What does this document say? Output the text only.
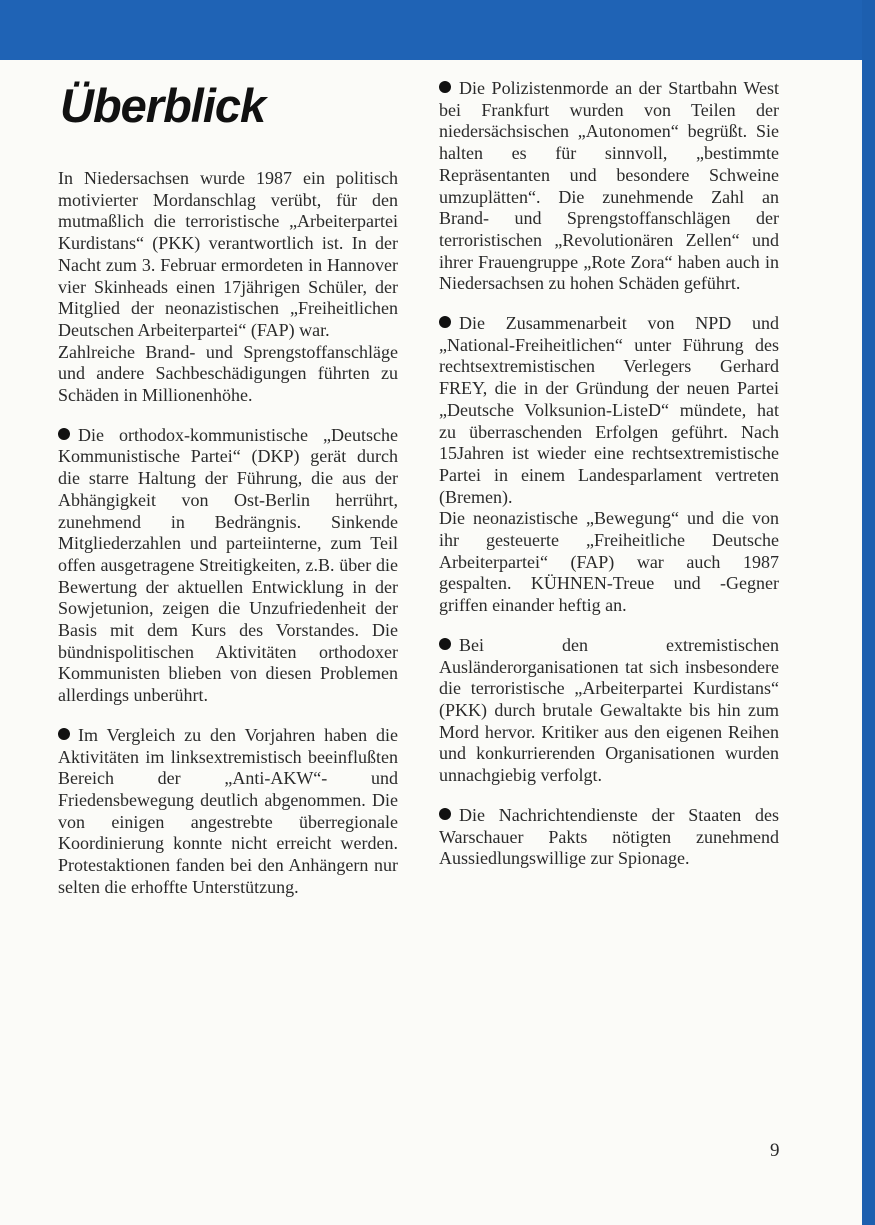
Überblick

In Niedersachsen wurde 1987 ein politisch motivierter Mordanschlag verübt, für den mutmaßlich die terroristische „Arbeiterpartei Kurdistans“ (PKK) verantwortlich ist. In der Nacht zum 3. Februar ermordeten in Hannover vier Skinheads einen 17jährigen Schüler, der Mitglied der neonazistischen „Freiheitlichen Deutschen Arbeiterpartei“ (FAP) war.

Zahlreiche Brand- und Sprengstoffanschläge und andere Sachbeschädigungen führten zu Schäden in Millionenhöhe.

Die orthodox-kommunistische „Deutsche Kommunistische Partei“ (DKP) gerät durch die starre Haltung der Führung, die aus der Abhängigkeit von Ost-Berlin herrührt, zunehmend in Bedrängnis. Sinkende Mitgliederzahlen und parteiinterne, zum Teil offen ausgetragene Streitigkeiten, z.B. über die Bewertung der aktuellen Entwicklung in der Sowjetunion, zeigen die Unzufriedenheit der Basis mit dem Kurs des Vorstandes. Die bündnispolitischen Aktivitäten orthodoxer Kommunisten blieben von diesen Problemen allerdings unberührt.

Im Vergleich zu den Vorjahren haben die Aktivitäten im linksextremistisch beeinflußten Bereich der „Anti-AKW“- und Friedensbewegung deutlich abgenommen. Die von einigen angestrebte überregionale Koordinierung konnte nicht erreicht werden. Protestaktionen fanden bei den Anhängern nur selten die erhoffte Unterstützung.

Die Polizistenmorde an der Startbahn West bei Frankfurt wurden von Teilen der niedersächsischen „Autonomen“ begrüßt. Sie halten es für sinnvoll, „bestimmte Repräsentanten und besondere Schweine umzuplätten“. Die zunehmende Zahl an Brand- und Sprengstoffanschlägen der terroristischen „Revolutionären Zellen“ und ihrer Frauengruppe „Rote Zora“ haben auch in Niedersachsen zu hohen Schäden geführt.

Die Zusammenarbeit von NPD und „National-Freiheitlichen“ unter Führung des rechtsextremistischen Verlegers Gerhard FREY, die in der Gründung der neuen Partei „Deutsche Volksunion-ListeD“ mündete, hat zu überraschenden Erfolgen geführt. Nach 15Jahren ist wieder eine rechtsextremistische Partei in einem Landesparlament vertreten (Bremen).

Die neonazistische „Bewegung“ und die von ihr gesteuerte „Freiheitliche Deutsche Arbeiterpartei“ (FAP) war auch 1987 gespalten. KÜHNEN-Treue und -Gegner griffen einander heftig an.

Bei den extremistischen Ausländerorganisationen tat sich insbesondere die terroristische „Arbeiterpartei Kurdistans“ (PKK) durch brutale Gewaltakte bis hin zum Mord hervor. Kritiker aus den eigenen Reihen und konkurrierenden Organisationen wurden unnachgiebig verfolgt.

Die Nachrichtendienste der Staaten des Warschauer Pakts nötigten zunehmend Aussiedlungswillige zur Spionage.

9
